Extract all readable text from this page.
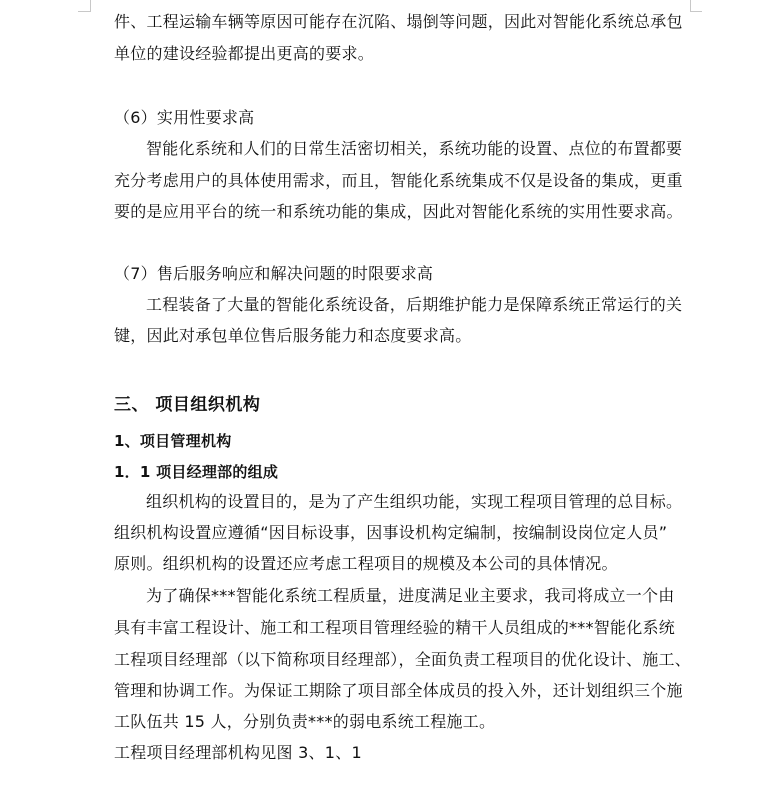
件、工程运输车辆等原因可能存在沉陷、塌倒等问题，因此对智能化系统总承包
单位的建设经验都提出更高的要求。
（6）实用性要求高
智能化系统和人们的日常生活密切相关，系统功能的设置、点位的布置都要
充分考虑用户的具体使用需求，而且，智能化系统集成不仅是设备的集成，更重
要的是应用平台的统一和系统功能的集成，因此对智能化系统的实用性要求高。
（7）售后服务响应和解决问题的时限要求高
工程装备了大量的智能化系统设备，后期维护能力是保障系统正常运行的关
键，因此对承包单位售后服务能力和态度要求高。
三、 项目组织机构
1、项目管理机构
1．1 项目经理部的组成
组织机构的设置目的，是为了产生组织功能，实现工程项目管理的总目标。
组织机构设置应遵循“因目标设事，因事设机构定编制，按编制设岗位定人员”
原则。组织机构的设置还应考虑工程项目的规模及本公司的具体情况。
为了确保***智能化系统工程质量，进度满足业主要求，我司将成立一个由
具有丰富工程设计、施工和工程项目管理经验的精干人员组成的***智能化系统
工程项目经理部（以下简称项目经理部），全面负责工程项目的优化设计、施工、
管理和协调工作。为保证工期除了项目部全体成员的投入外，还计划组织三个施
工队伍共 15 人，分别负责***的弱电系统工程施工。
工程项目经理部机构见图 3、1、1
